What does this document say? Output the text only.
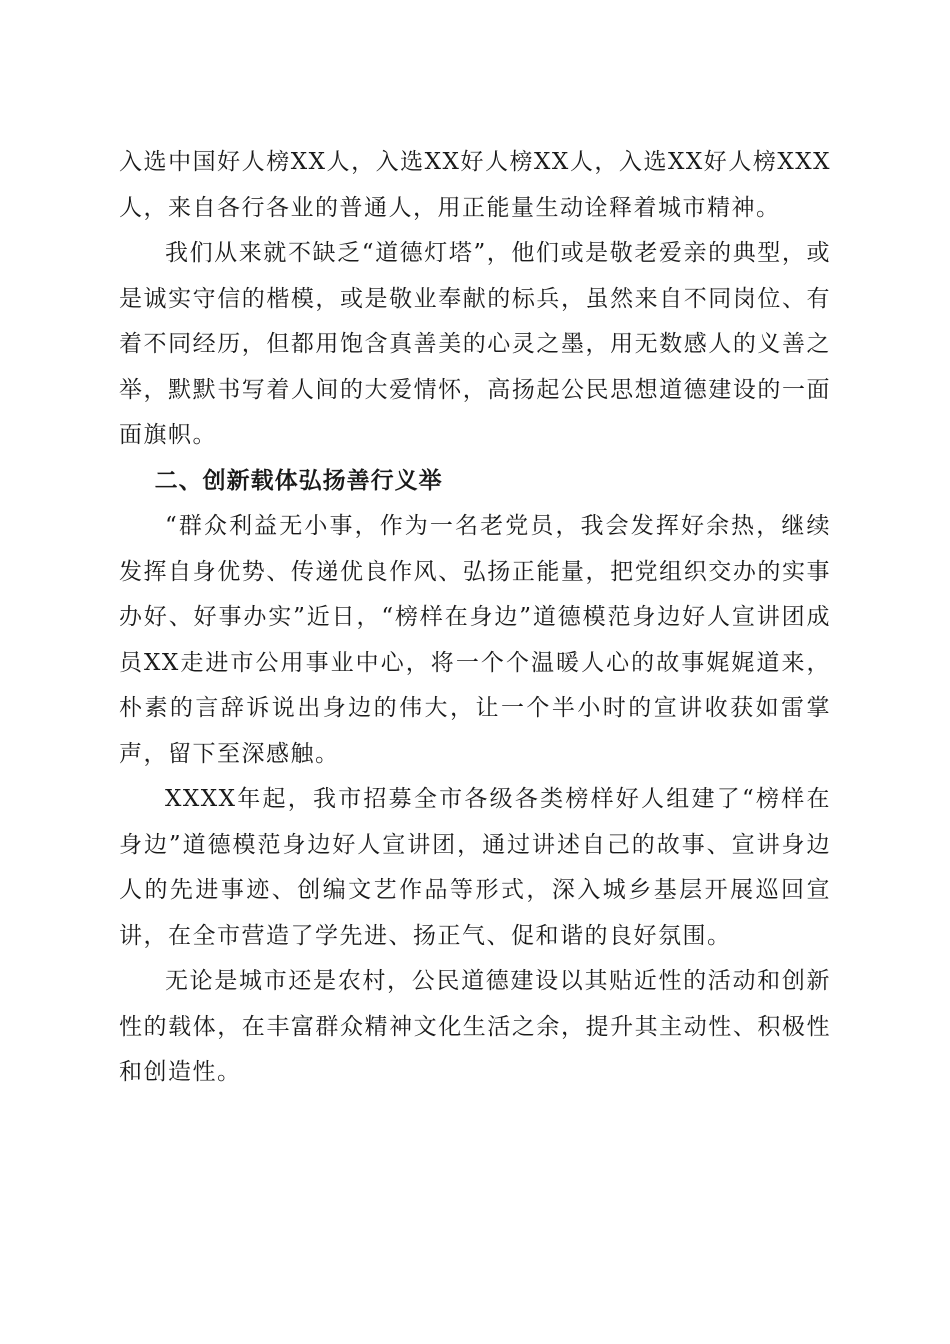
入选中国好人榜XX人，入选XX好人榜XX人，入选XX好人榜XXX人，来自各行各业的普通人，用正能量生动诠释着城市精神。

我们从来就不缺乏“道德灯塔”，他们或是敬老爱亲的典型，或是诚实守信的楷模，或是敬业奉献的标兵，虽然来自不同岗位、有着不同经历，但都用饱含真善美的心灵之墨，用无数感人的义善之举，默默书写着人间的大爱情怀，高扬起公民思想道德建设的一面面旗帜。

二、创新载体弘扬善行义举

“群众利益无小事，作为一名老党员，我会发挥好余热，继续发挥自身优势、传递优良作风、弘扬正能量，把党组织交办的实事办好、好事办实”近日，“榜样在身边”道德模范身边好人宣讲团成员XX走进市公用事业中心，将一个个温暖人心的故事娓娓道来，朴素的言辞诉说出身边的伟大，让一个半小时的宣讲收获如雷掌声，留下至深感触。

XXXX年起，我市招募全市各级各类榜样好人组建了“榜样在身边”道德模范身边好人宣讲团，通过讲述自己的故事、宣讲身边人的先进事迹、创编文艺作品等形式，深入城乡基层开展巡回宣讲，在全市营造了学先进、扬正气、促和谐的良好氛围。

无论是城市还是农村，公民道德建设以其贴近性的活动和创新性的载体，在丰富群众精神文化生活之余，提升其主动性、积极性和创造性。
